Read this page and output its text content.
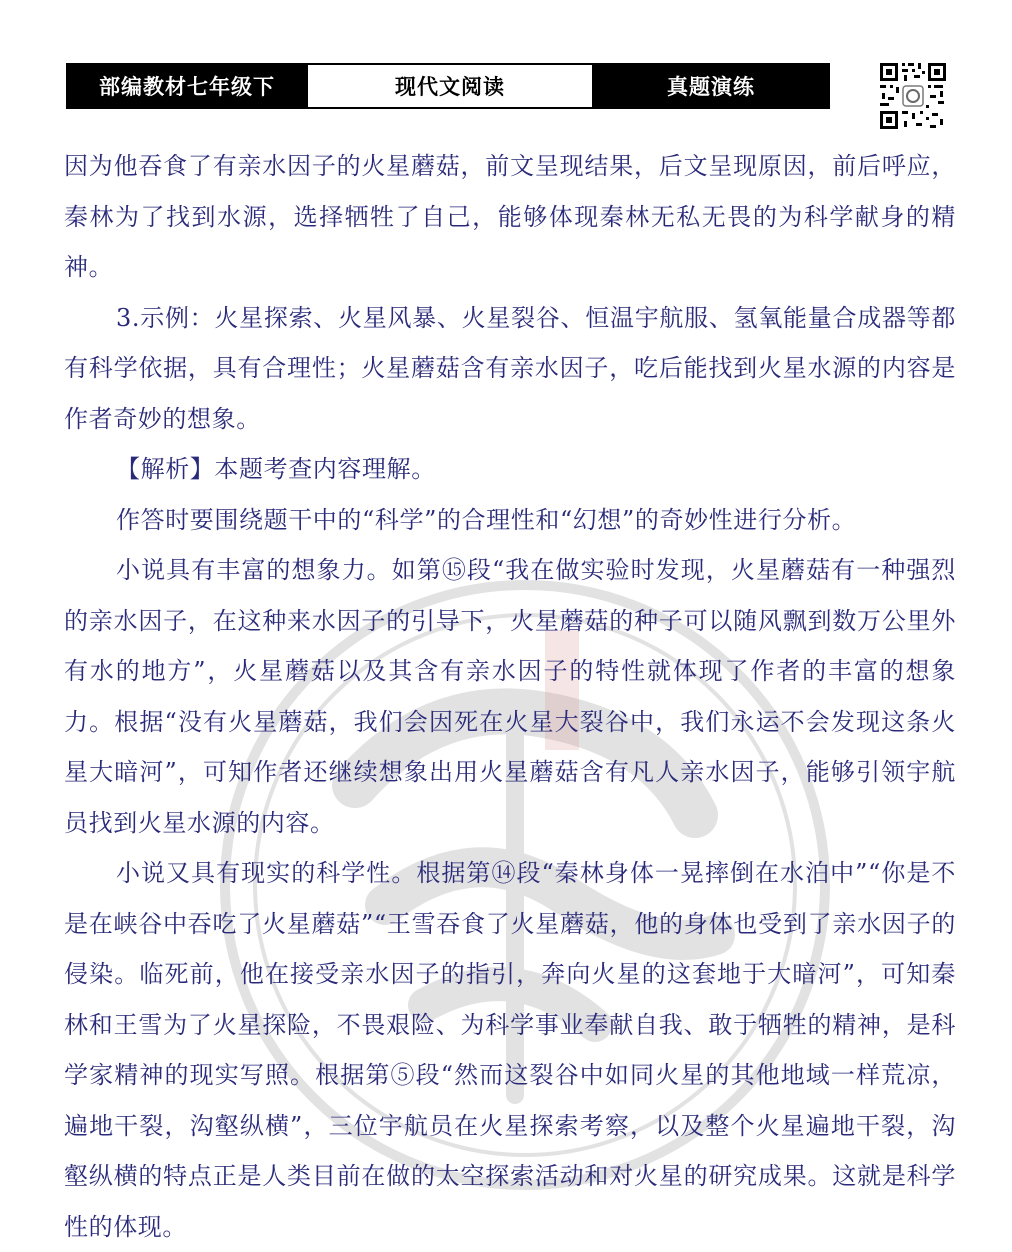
部编教材七年级下	现代文阅读	真题演练

因为他吞食了有亲水因子的火星蘑菇，前文呈现结果，后文呈现原因，前后呼应，秦林为了找到水源，选择牺牲了自己，能够体现秦林无私无畏的为科学献身的精神。

3.示例：火星探索、火星风暴、火星裂谷、恒温宇航服、氢氧能量合成器等都有科学依据，具有合理性；火星蘑菇含有亲水因子，吃后能找到火星水源的内容是作者奇妙的想象。

【解析】本题考查内容理解。

作答时要围绕题干中的“科学”的合理性和“幻想”的奇妙性进行分析。

小说具有丰富的想象力。如第⑮段“我在做实验时发现，火星蘑菇有一种强烈的亲水因子，在这种来水因子的引导下，火星蘑菇的种子可以随风飘到数万公里外有水的地方”，火星蘑菇以及其含有亲水因子的特性就体现了作者的丰富的想象力。根据“没有火星蘑菇，我们会因死在火星大裂谷中，我们永运不会发现这条火星大暗河”，可知作者还继续想象出用火星蘑菇含有凡人亲水因子，能够引领宇航员找到火星水源的内容。

小说又具有现实的科学性。根据第⑭段“秦林身体一晃摔倒在水泊中”“你是不是在峡谷中吞吃了火星蘑菇”“王雪吞食了火星蘑菇，他的身体也受到了亲水因子的侵染。临死前，他在接受亲水因子的指引，奔向火星的这套地于大暗河”，可知秦林和王雪为了火星探险，不畏艰险、为科学事业奉献自我、敢于牺牲的精神，是科学家精神的现实写照。根据第⑤段“然而这裂谷中如同火星的其他地域一样荒凉，遍地干裂，沟壑纵横”，三位宇航员在火星探索考察，以及整个火星遍地干裂，沟壑纵横的特点正是人类目前在做的太空探索活动和对火星的研究成果。这就是科学性的体现。
